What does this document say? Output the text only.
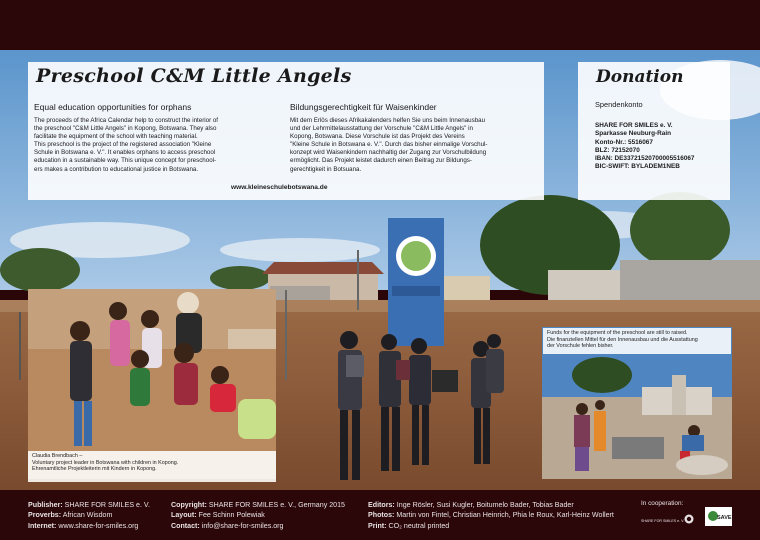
Preschool C&M Little Angels
Equal education opportunities for orphans
The proceeds of the Africa Calendar help to construct the interior of
the preschool "C&M Little Angels" in Kopong, Botswana. They also
facilitate the equipment of the school with teaching material.
This preschool is the project of the registered association "Kleine
Schule in Botswana e. V.". It enables orphans to access preschool
education in a sustainable way. This unique concept for preschool-
ers makes a contribution to educational justice in Botswana.
Bildungsgerechtigkeit für Waisenkinder
Mit dem Erlös dieses Afrikakalenders helfen Sie uns beim Innenausbau
und der Lehrmittelausstattung der Vorschule "C&M Little Angels" in
Kopong, Botswana. Diese Vorschule ist das Projekt des Vereins
"Kleine Schule in Botswana e. V.". Durch das bisher einmalige Vorschul-
konzept wird Waisenkindern nachhaltig der Zugang zur Vorschulbildung
ermöglicht. Das Projekt leistet dadurch einen Beitrag zur Bildungs-
gerechtigkeit in Botsuana.
www.kleineschulebotswana.de
Donation
Spendenkonto
SHARE FOR SMILES e. V.
Sparkasse Neuburg-Rain
Konto-Nr.: 5516067
BLZ: 72152070
IBAN: DE33721520700005516067
BIC-SWIFT: BYLADEM1NEB
Claudia Brendbach –
Voluntary project leader in Botswana with children in Kopong.
Ehrenamtliche Projektleiterin mit Kindern in Kopong.
Funds for the equipment of the preschool are still to raised.
Die finanziellen Mittel für den Innenausbau und die Ausstattung
der Vorschule fehlen bisher.
Publisher: SHARE FOR SMILES e. V.
Proverbs: African Wisdom
Internet: www.share-for-smiles.org
Copyright: SHARE FOR SMILES e. V., Germany 2015
Layout: Fee Schinn Polewiak
Contact: info@share-for-smiles.org
Editors: Inge Rösler, Susi Kugler, Boitumelo Bader, Tobias Bader
Photos: Martin von Fintel, Christian Heinrich, Phia le Roux, Karl-Heinz Wollert
Print: CO₂ neutral printed
In cooperation:
SHARE FOR SMILES e. V.	SAVE
